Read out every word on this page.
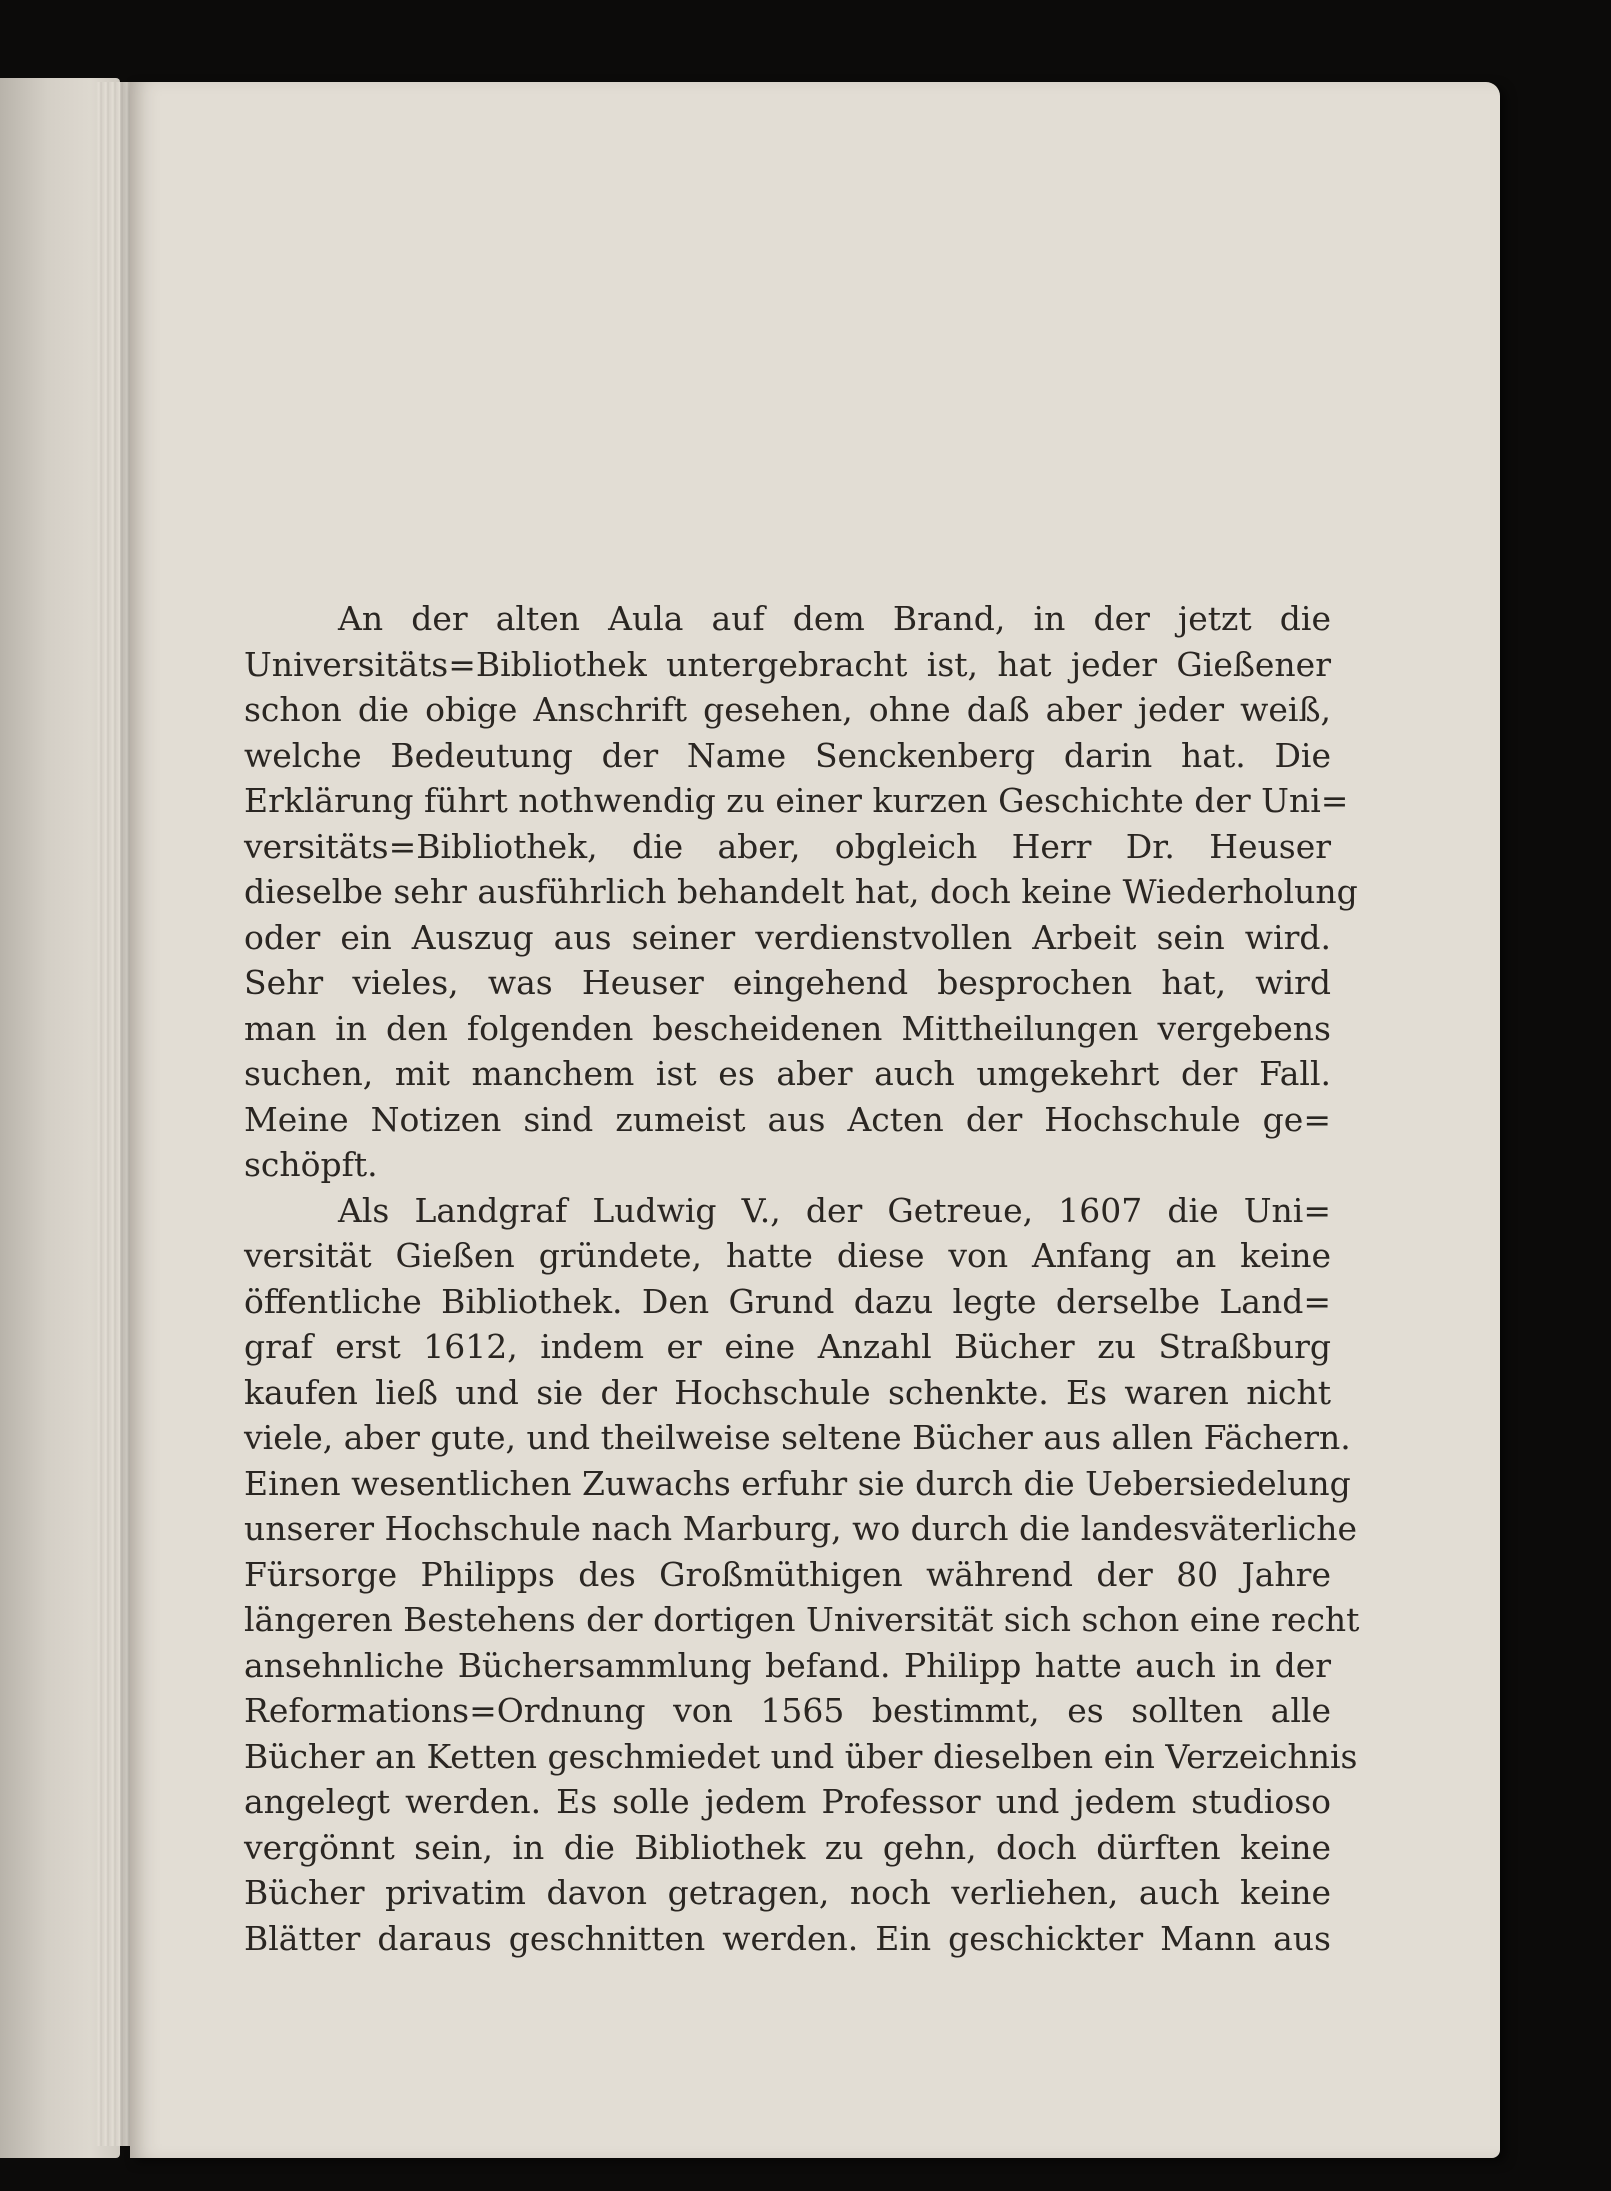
An der alten Aula auf dem Brand, in der jetzt die
Universitäts=Bibliothek untergebracht ist, hat jeder Gießener
schon die obige Anschrift gesehen, ohne daß aber jeder weiß,
welche Bedeutung der Name Senckenberg darin hat. Die
Erklärung führt nothwendig zu einer kurzen Geschichte der Uni=
versitäts=Bibliothek, die aber, obgleich Herr Dr. Heuser
dieselbe sehr ausführlich behandelt hat, doch keine Wiederholung
oder ein Auszug aus seiner verdienstvollen Arbeit sein wird.
Sehr vieles, was Heuser eingehend besprochen hat, wird
man in den folgenden bescheidenen Mittheilungen vergebens
suchen, mit manchem ist es aber auch umgekehrt der Fall.
Meine Notizen sind zumeist aus Acten der Hochschule ge=
schöpft.
Als Landgraf Ludwig V., der Getreue, 1607 die Uni=
versität Gießen gründete, hatte diese von Anfang an keine
öffentliche Bibliothek. Den Grund dazu legte derselbe Land=
graf erst 1612, indem er eine Anzahl Bücher zu Straßburg
kaufen ließ und sie der Hochschule schenkte. Es waren nicht
viele, aber gute, und theilweise seltene Bücher aus allen Fächern.
Einen wesentlichen Zuwachs erfuhr sie durch die Uebersiedelung
unserer Hochschule nach Marburg, wo durch die landesväterliche
Fürsorge Philipps des Großmüthigen während der 80 Jahre
längeren Bestehens der dortigen Universität sich schon eine recht
ansehnliche Büchersammlung befand. Philipp hatte auch in der
Reformations=Ordnung von 1565 bestimmt, es sollten alle
Bücher an Ketten geschmiedet und über dieselben ein Verzeichnis
angelegt werden. Es solle jedem Professor und jedem studioso
vergönnt sein, in die Bibliothek zu gehn, doch dürften keine
Bücher privatim davon getragen, noch verliehen, auch keine
Blätter daraus geschnitten werden. Ein geschickter Mann aus
